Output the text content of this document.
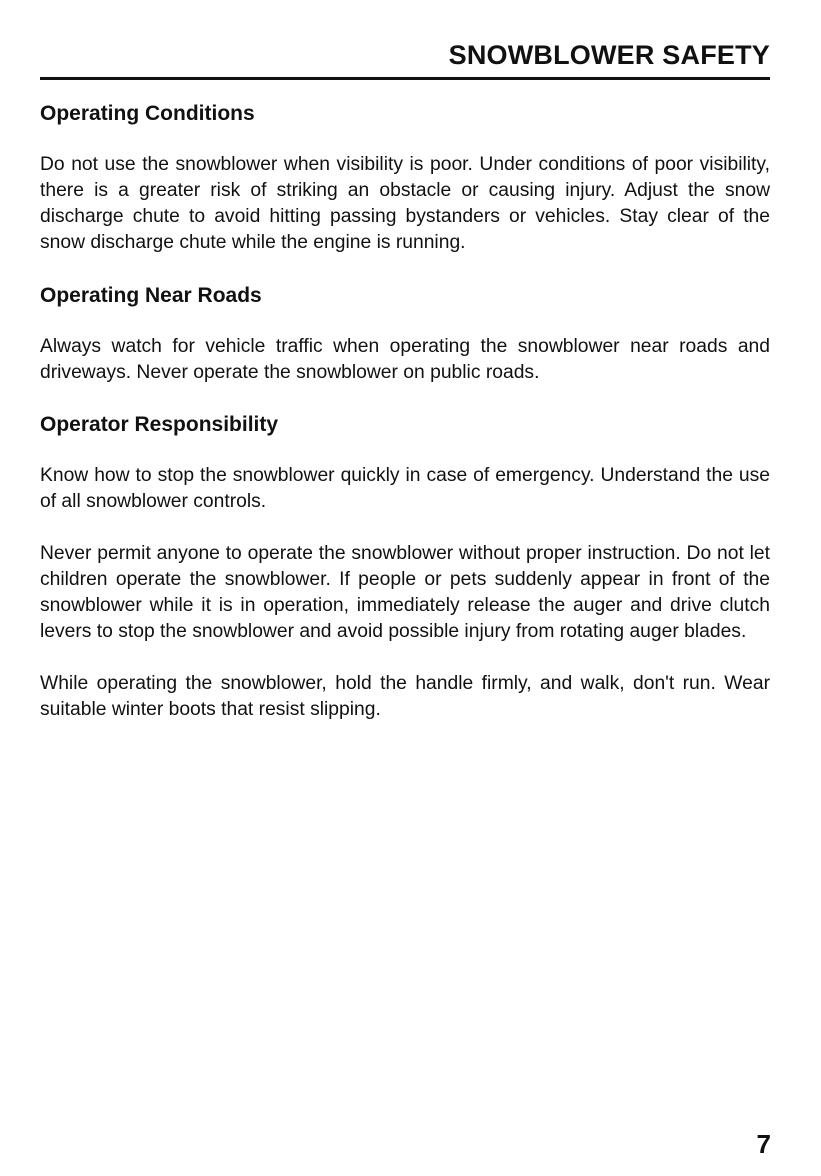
SNOWBLOWER SAFETY
Operating Conditions

Do not use the snowblower when visibility is poor. Under conditions of poor visibility, there is a greater risk of striking an obstacle or causing injury. Adjust the snow discharge chute to avoid hitting passing bystanders or vehicles. Stay clear of the snow discharge chute while the engine is running.

Operating Near Roads

Always watch for vehicle traffic when operating the snowblower near roads and driveways. Never operate the snowblower on public roads.

Operator Responsibility

Know how to stop the snowblower quickly in case of emergency. Understand the use of all snowblower controls.

Never permit anyone to operate the snowblower without proper instruction. Do not let children operate the snowblower. If people or pets suddenly appear in front of the snowblower while it is in operation, immediately release the auger and drive clutch levers to stop the snowblower and avoid possible injury from rotating auger blades.

While operating the snowblower, hold the handle firmly, and walk, don't run. Wear suitable winter boots that resist slipping.

7
